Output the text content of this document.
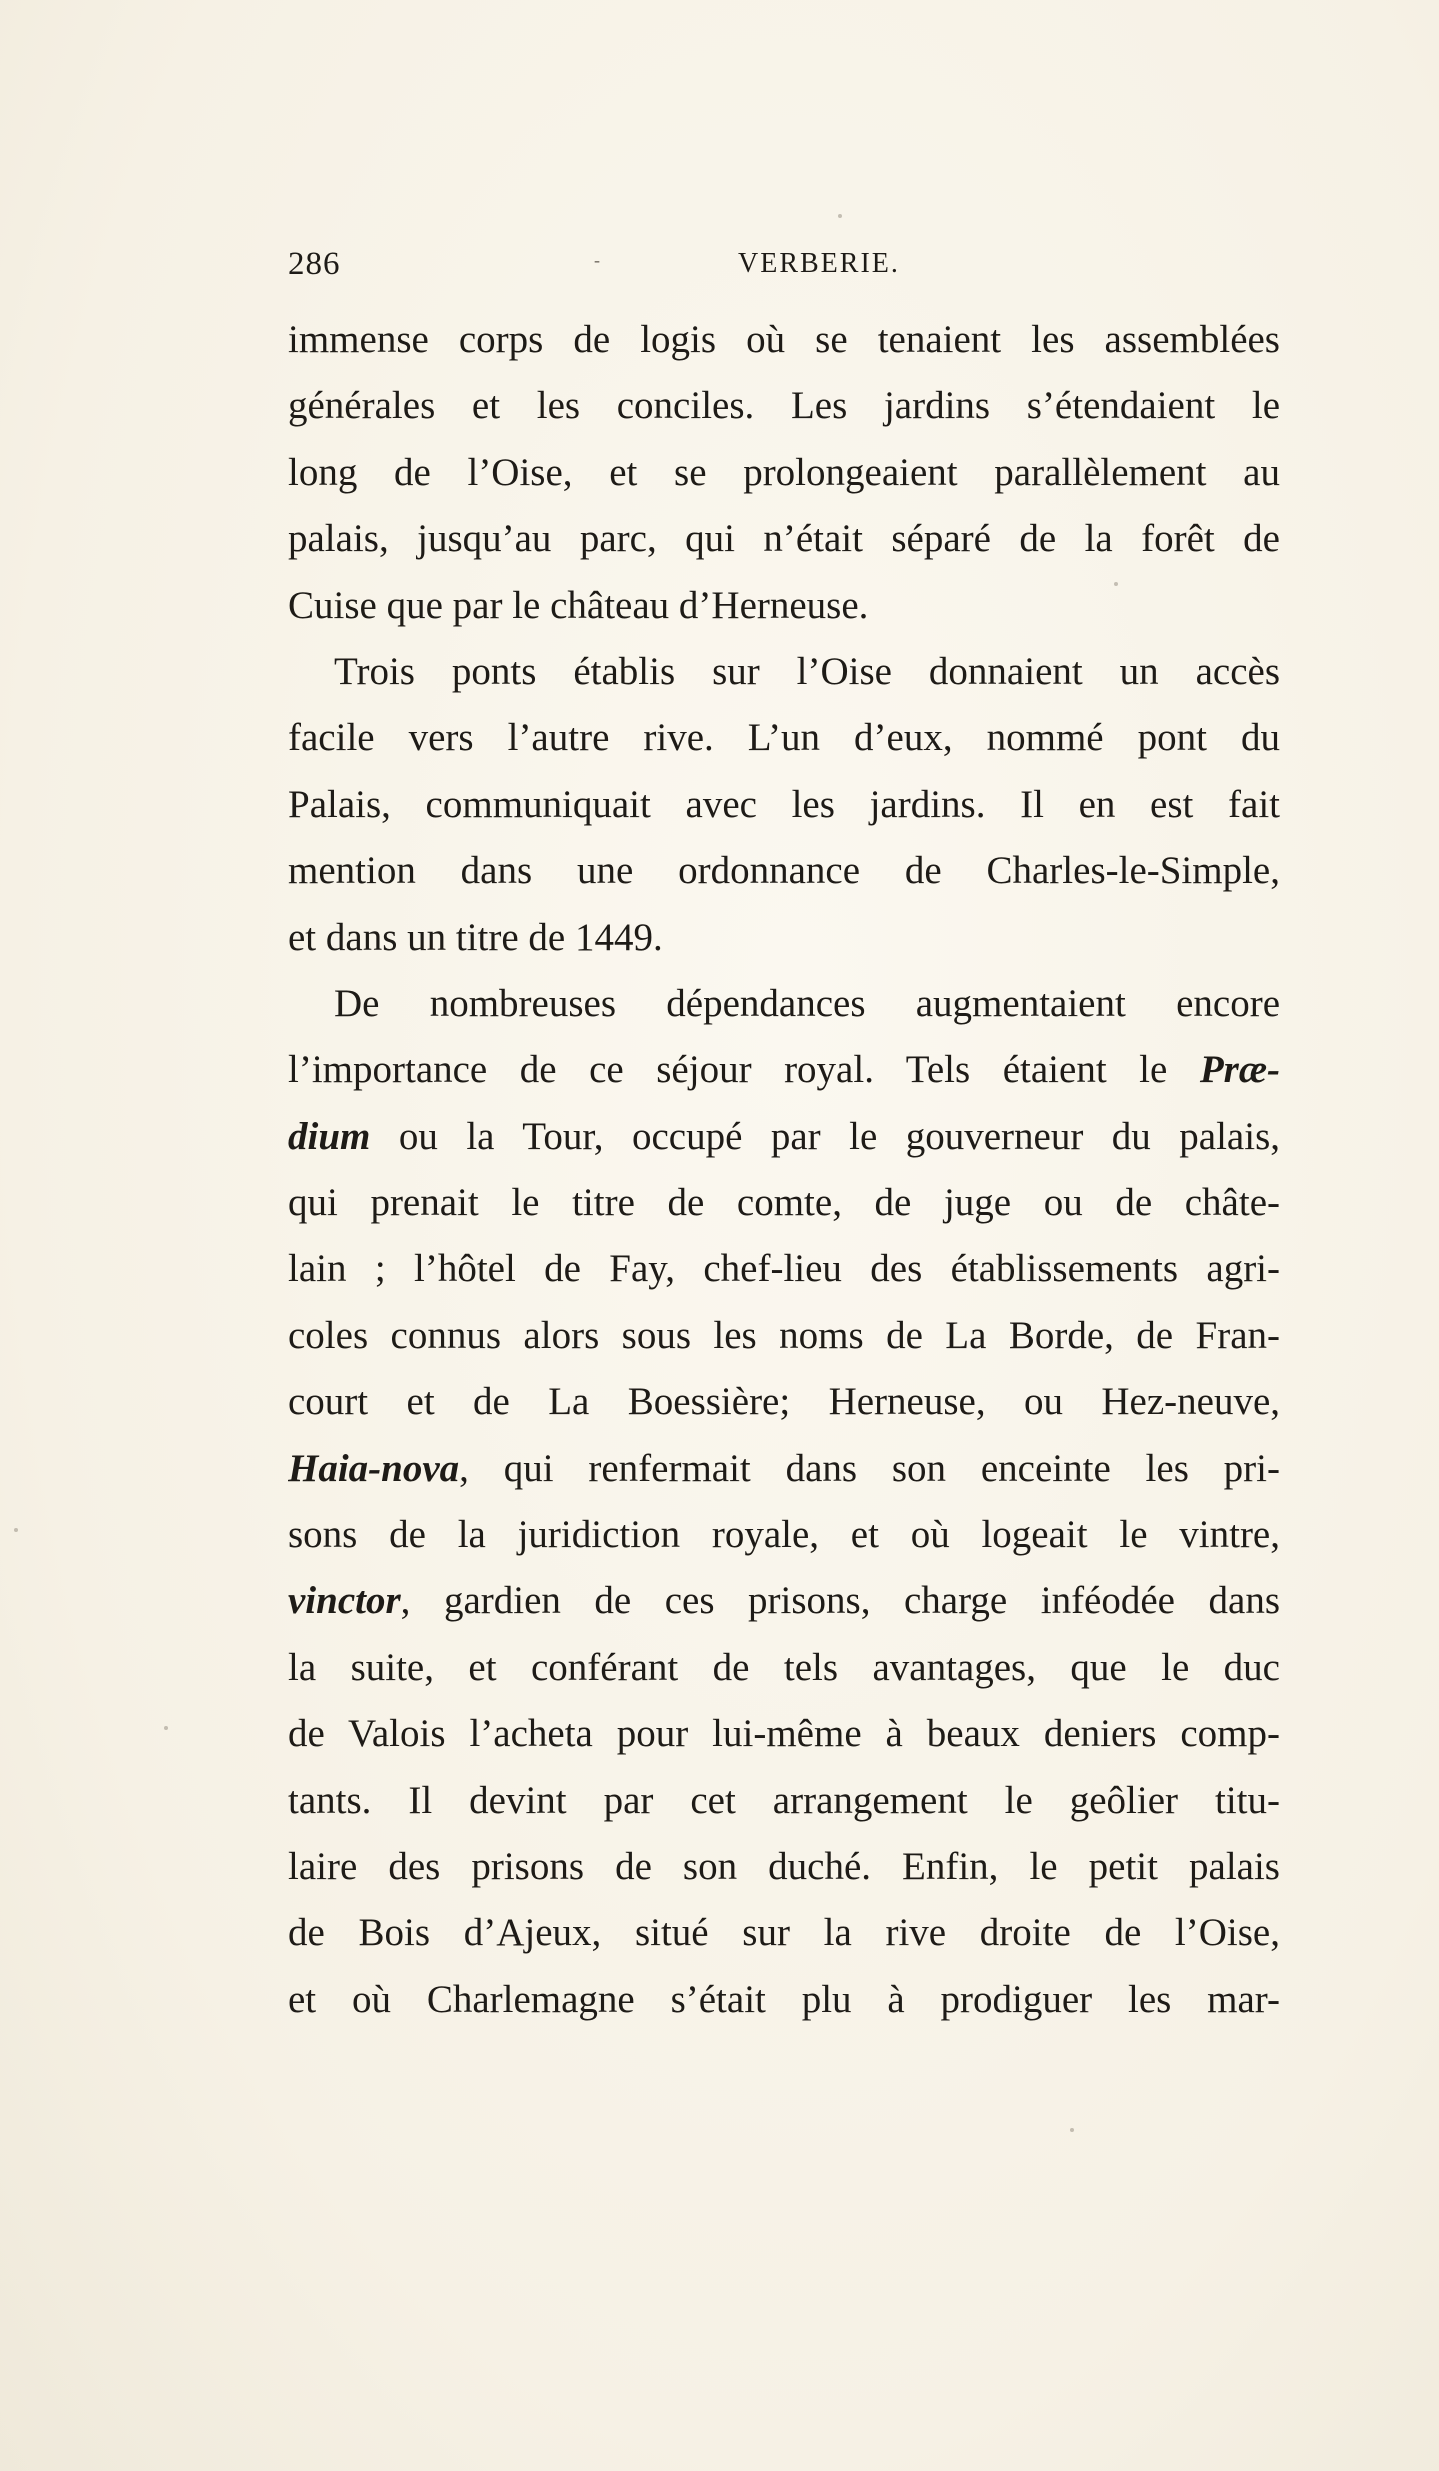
286	-	VERBERIE.
immense corps de logis où se tenaient les assemblées
générales et les conciles. Les jardins s’étendaient le
long de l’Oise, et se prolongeaient parallèlement au
palais, jusqu’au parc, qui n’était séparé de la forêt de
Cuise que par le château d’Herneuse.
Trois ponts établis sur l’Oise donnaient un accès
facile vers l’autre rive. L’un d’eux, nommé pont du
Palais, communiquait avec les jardins. Il en est fait
mention dans une ordonnance de Charles-le-Simple,
et dans un titre de 1449.
De nombreuses dépendances augmentaient encore
l’importance de ce séjour royal. Tels étaient le Præ-
dium ou la Tour, occupé par le gouverneur du palais,
qui prenait le titre de comte, de juge ou de châte-
lain ; l’hôtel de Fay, chef-lieu des établissements agri-
coles connus alors sous les noms de La Borde, de Fran-
court et de La Boessière; Herneuse, ou Hez-neuve,
Haia-nova, qui renfermait dans son enceinte les pri-
sons de la juridiction royale, et où logeait le vintre,
vinctor, gardien de ces prisons, charge inféodée dans
la suite, et conférant de tels avantages, que le duc
de Valois l’acheta pour lui-même à beaux deniers comp-
tants. Il devint par cet arrangement le geôlier titu-
laire des prisons de son duché. Enfin, le petit palais
de Bois d’Ajeux, situé sur la rive droite de l’Oise,
et où Charlemagne s’était plu à prodiguer les mar-
